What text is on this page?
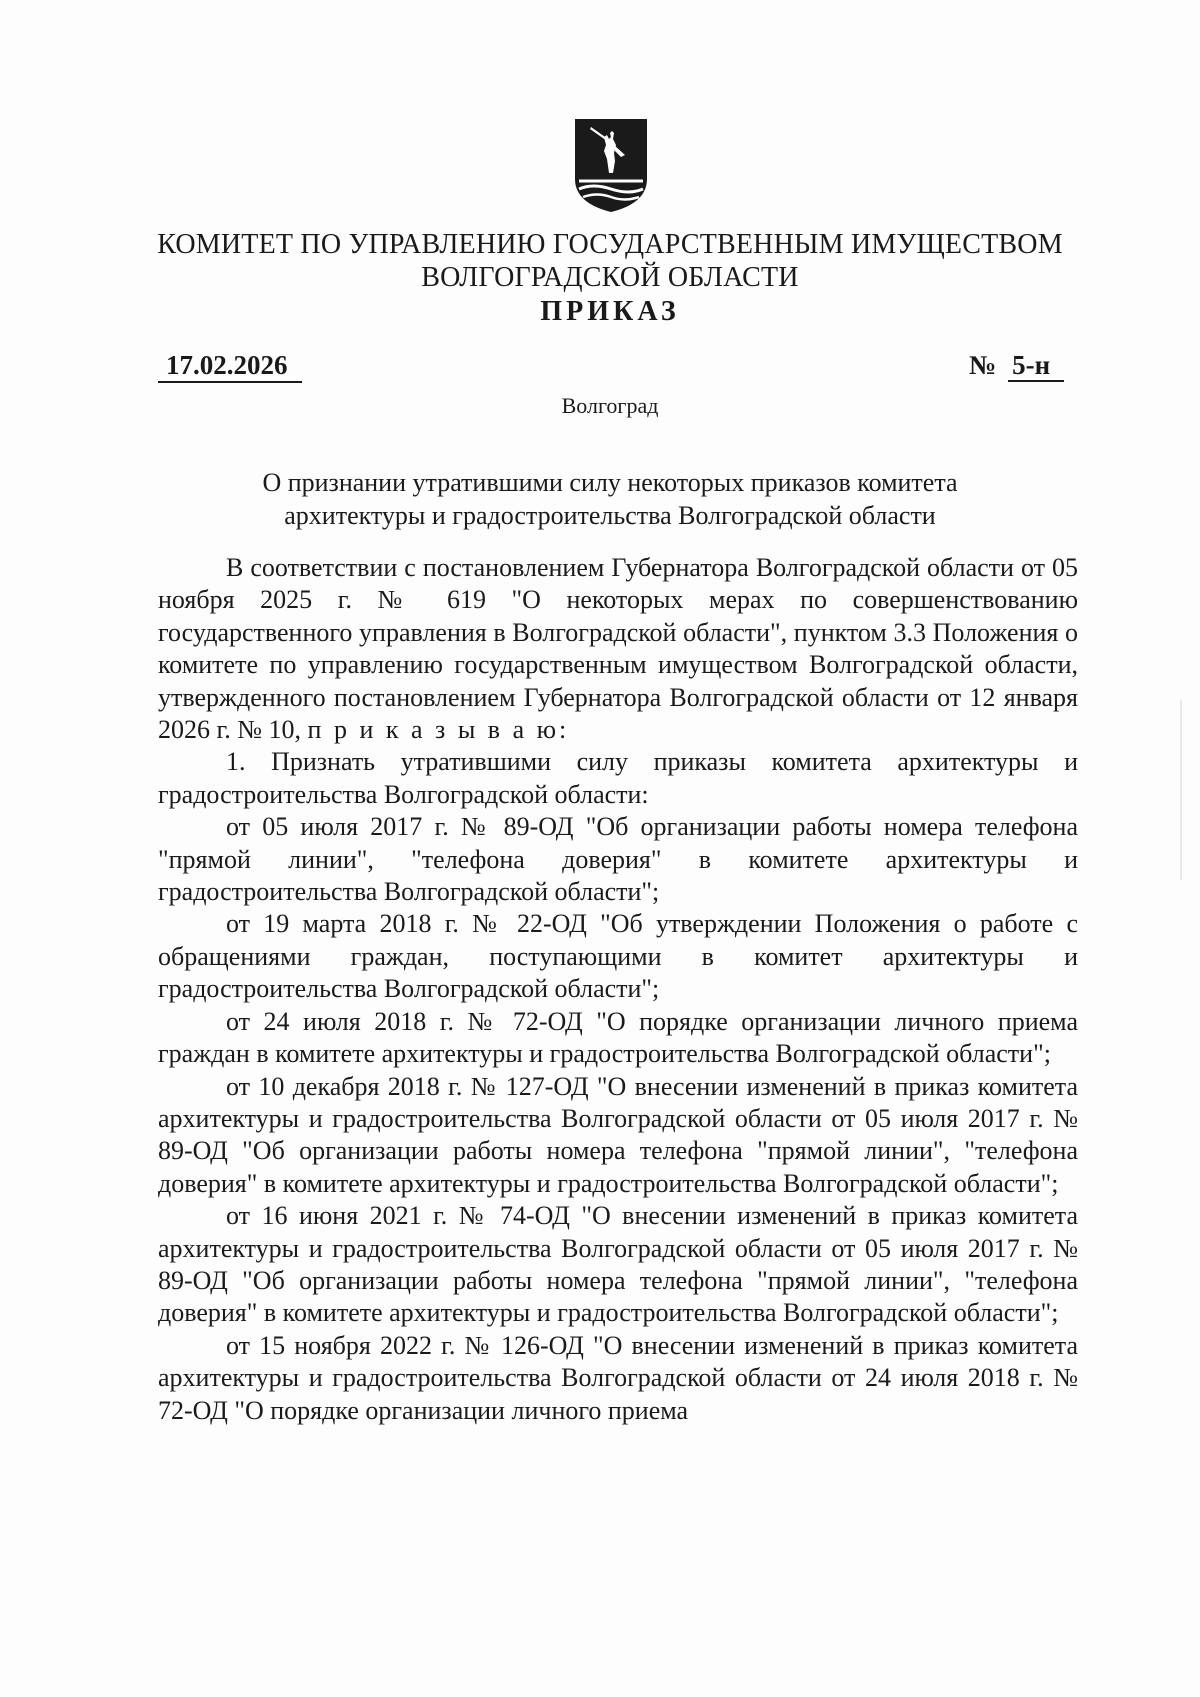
КОМИТЕТ ПО УПРАВЛЕНИЮ ГОСУДАРСТВЕННЫМ ИМУЩЕСТВОМ
ВОЛГОГРАДСКОЙ ОБЛАСТИ
ПРИКАЗ
17.02.2026	№ 5-н
Волгоград
О признании утратившими силу некоторых приказов комитета
архитектуры и градостроительства Волгоградской области

В соответствии с постановлением Губернатора Волгоградской области от 05 ноября 2025 г. № 619 "О некоторых мерах по совершенствованию государственного управления в Волгоградской области", пунктом 3.3 Положения о комитете по управлению государственным имуществом Волгоградской области, утвержденного постановлением Губернатора Волгоградской области от 12 января 2026 г. № 10, п р и к а з ы в а ю:

1. Признать утратившими силу приказы комитета архитектуры и градостроительства Волгоградской области:

от 05 июля 2017 г. № 89-ОД "Об организации работы номера телефона "прямой линии", "телефона доверия" в комитете архитектуры и градостроительства Волгоградской области";

от 19 марта 2018 г. № 22-ОД "Об утверждении Положения о работе с обращениями граждан, поступающими в комитет архитектуры и градостроительства Волгоградской области";

от 24 июля 2018 г. № 72-ОД "О порядке организации личного приема граждан в комитете архитектуры и градостроительства Волгоградской области";

от 10 декабря 2018 г. № 127-ОД "О внесении изменений в приказ комитета архитектуры и градостроительства Волгоградской области от 05 июля 2017 г. № 89-ОД "Об организации работы номера телефона "прямой линии", "телефона доверия" в комитете архитектуры и градостроительства Волгоградской области";

от 16 июня 2021 г. № 74-ОД "О внесении изменений в приказ комитета архитектуры и градостроительства Волгоградской области от 05 июля 2017 г. № 89-ОД "Об организации работы номера телефона "прямой линии", "телефона доверия" в комитете архитектуры и градостроительства Волгоградской области";

от 15 ноября 2022 г. № 126-ОД "О внесении изменений в приказ комитета архитектуры и градостроительства Волгоградской области от 24 июля 2018 г. № 72-ОД "О порядке организации личного приема
